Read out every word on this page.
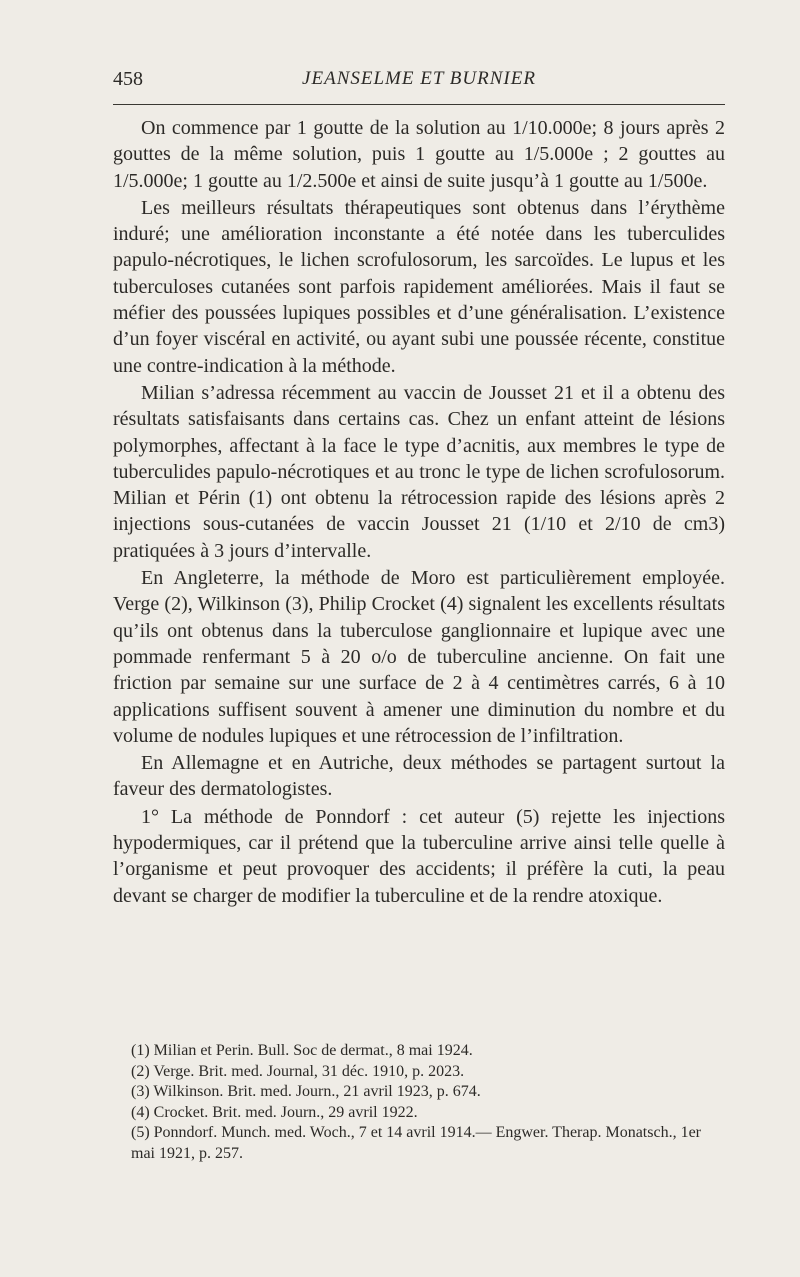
458	JEANSELME ET BURNIER

On commence par 1 goutte de la solution au 1/10.000e; 8 jours après 2 gouttes de la même solution, puis 1 goutte au 1/5.000e ; 2 gouttes au 1/5.000e; 1 goutte au 1/2.500e et ainsi de suite jusqu’à 1 goutte au 1/500e.

Les meilleurs résultats thérapeutiques sont obtenus dans l’érythème induré; une amélioration inconstante a été notée dans les tuberculides papulo-nécrotiques, le lichen scrofulosorum, les sarcoïdes. Le lupus et les tuberculoses cutanées sont parfois rapidement améliorées. Mais il faut se méfier des poussées lupiques possibles et d’une généralisation. L’existence d’un foyer viscéral en activité, ou ayant subi une poussée récente, constitue une contre-indication à la méthode.

Milian s’adressa récemment au vaccin de Jousset 21 et il a obtenu des résultats satisfaisants dans certains cas. Chez un enfant atteint de lésions polymorphes, affectant à la face le type d’acnitis, aux membres le type de tuberculides papulo-nécrotiques et au tronc le type de lichen scrofulosorum. Milian et Périn (1) ont obtenu la rétrocession rapide des lésions après 2 injections sous-cutanées de vaccin Jousset 21 (1/10 et 2/10 de cm3) pratiquées à 3 jours d’intervalle.

En Angleterre, la méthode de Moro est particulièrement employée. Verge (2), Wilkinson (3), Philip Crocket (4) signalent les excellents résultats qu’ils ont obtenus dans la tuberculose ganglionnaire et lupique avec une pommade renfermant 5 à 20 o/o de tuberculine ancienne. On fait une friction par semaine sur une surface de 2 à 4 centimètres carrés, 6 à 10 applications suffisent souvent à amener une diminution du nombre et du volume de nodules lupiques et une rétrocession de l’infiltration.

En Allemagne et en Autriche, deux méthodes se partagent surtout la faveur des dermatologistes.

1° La méthode de Ponndorf : cet auteur (5) rejette les injections hypodermiques, car il prétend que la tuberculine arrive ainsi telle quelle à l’organisme et peut provoquer des accidents; il préfère la cuti, la peau devant se charger de modifier la tuberculine et de la rendre atoxique.

(1) Milian et Perin. Bull. Soc de dermat., 8 mai 1924.

(2) Verge. Brit. med. Journal, 31 déc. 1910, p. 2023.

(3) Wilkinson. Brit. med. Journ., 21 avril 1923, p. 674.

(4) Crocket. Brit. med. Journ., 29 avril 1922.

(5) Ponndorf. Munch. med. Woch., 7 et 14 avril 1914.— Engwer. Therap. Monatsch., 1er mai 1921, p. 257.
